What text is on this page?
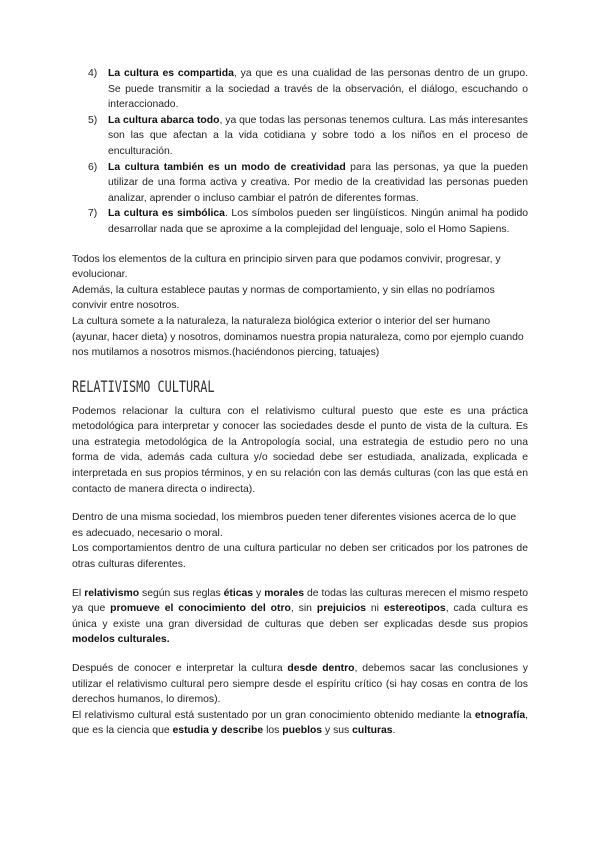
4) La cultura es compartida, ya que es una cualidad de las personas dentro de un grupo. Se puede transmitir a la sociedad a través de la observación, el diálogo, escuchando o interaccionado.
5) La cultura abarca todo, ya que todas las personas tenemos cultura. Las más interesantes son las que afectan a la vida cotidiana y sobre todo a los niños en el proceso de enculturación.
6) La cultura también es un modo de creatividad para las personas, ya que la pueden utilizar de una forma activa y creativa. Por medio de la creatividad las personas pueden analizar, aprender o incluso cambiar el patrón de diferentes formas.
7) La cultura es simbólica. Los símbolos pueden ser lingüísticos. Ningún animal ha podido desarrollar nada que se aproxime a la complejidad del lenguaje, solo el Homo Sapiens.

Todos los elementos de la cultura en principio sirven para que podamos convivir, progresar, y evolucionar.

Además, la cultura establece pautas y normas de comportamiento, y sin ellas no podríamos convivir entre nosotros.

La cultura somete a la naturaleza, la naturaleza biológica exterior o interior del ser humano (ayunar, hacer dieta) y nosotros, dominamos nuestra propia naturaleza, como por ejemplo cuando nos mutilamos a nosotros mismos.(haciéndonos piercing, tatuajes)

RELATIVISMO CULTURAL

Podemos relacionar la cultura con el relativismo cultural puesto que este es una práctica metodológica para interpretar y conocer las sociedades desde el punto de vista de la cultura. Es una estrategia metodológica de la Antropología social, una estrategia de estudio pero no una forma de vida, además cada cultura y/o sociedad debe ser estudiada, analizada, explicada e interpretada en sus propios términos, y en su relación con las demás culturas (con las que está en contacto de manera directa o indirecta).

Dentro de una misma sociedad, los miembros pueden tener diferentes visiones acerca de lo que es adecuado, necesario o moral.

Los comportamientos dentro de una cultura particular no deben ser criticados por los patrones de otras culturas diferentes.

El relativismo según sus reglas éticas y morales de todas las culturas merecen el mismo respeto ya que promueve el conocimiento del otro, sin prejuicios ni estereotipos, cada cultura es única y existe una gran diversidad de culturas que deben ser explicadas desde sus propios modelos culturales.

Después de conocer e interpretar la cultura desde dentro, debemos sacar las conclusiones y utilizar el relativismo cultural pero siempre desde el espíritu crítico (si hay cosas en contra de los derechos humanos, lo diremos).

El relativismo cultural está sustentado por un gran conocimiento obtenido mediante la etnografía, que es la ciencia que estudia y describe los pueblos y sus culturas.
